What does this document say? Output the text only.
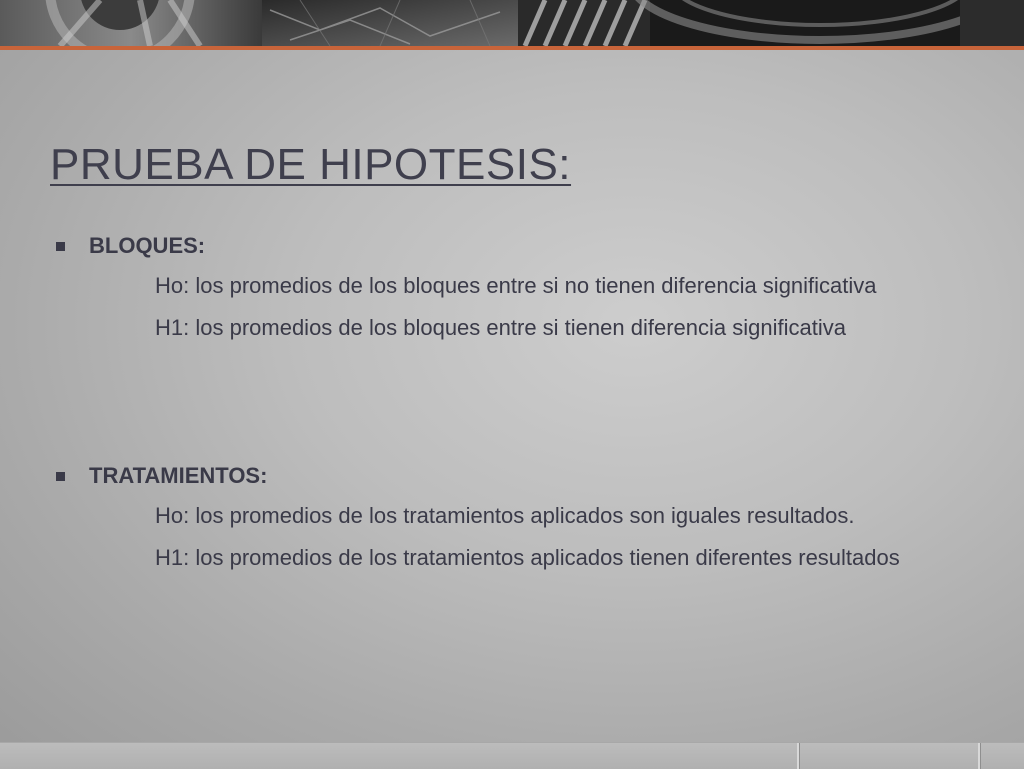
PRUEBA DE HIPOTESIS:
BLOQUES:

Ho: los promedios de los bloques entre si no tienen diferencia significativa

H1: los promedios de los bloques entre si tienen diferencia significativa

TRATAMIENTOS:

Ho: los promedios de los tratamientos aplicados son iguales resultados.

H1: los promedios de los tratamientos aplicados tienen diferentes resultados
